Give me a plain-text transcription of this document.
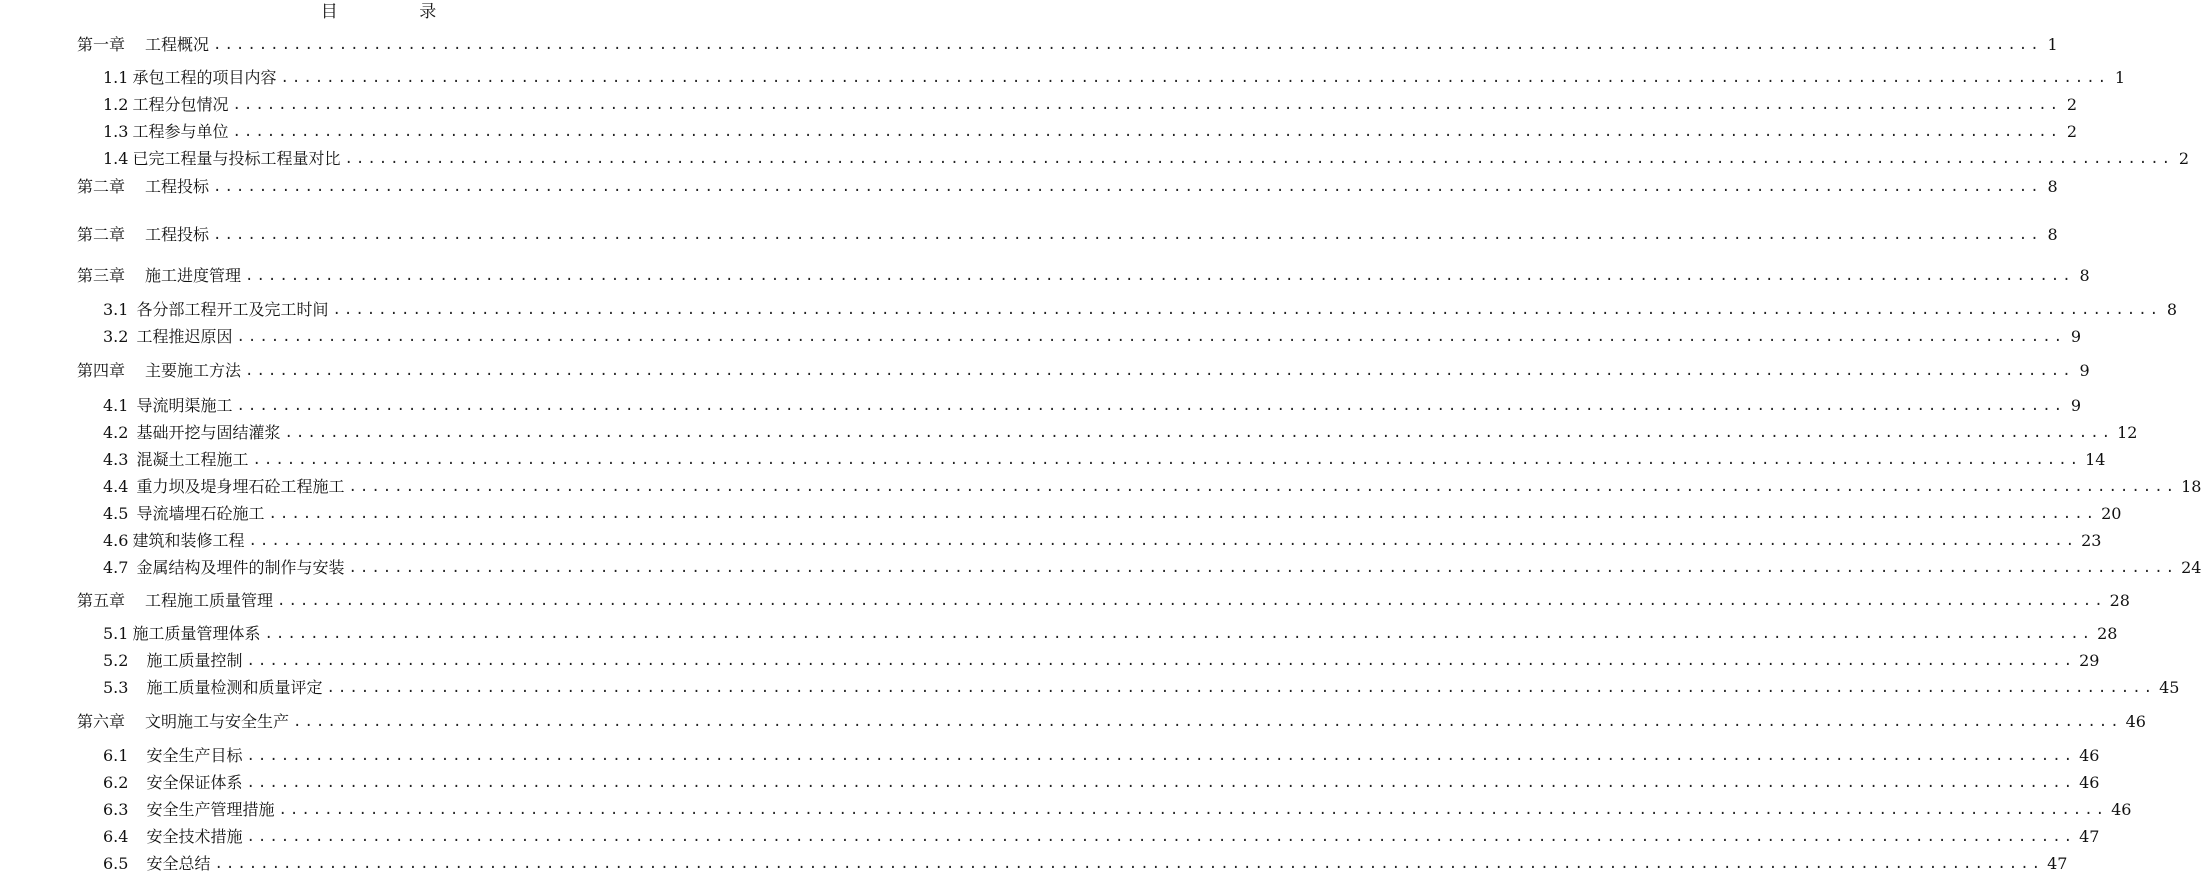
目 录
第一章 工程概况 ................................................................................................................................................................ 1
1.1 承包工程的项目内容 ................................................................................................................................................................ 1
1.2 工程分包情况 ................................................................................................................................................................ 2
1.3 工程参与单位 ................................................................................................................................................................ 2
1.4 已完工程量与投标工程量对比 ................................................................................................................................................................ 2
第二章 工程投标 ................................................................................................................................................................ 8
第二章 工程投标 ................................................................................................................................................................ 8
第三章 施工进度管理 ................................................................................................................................................................ 8
3.1 各分部工程开工及完工时间 ................................................................................................................................................................ 8
3.2 工程推迟原因 ................................................................................................................................................................ 9
第四章 主要施工方法 ................................................................................................................................................................ 9
4.1 导流明渠施工 ................................................................................................................................................................ 9
4.2 基础开挖与固结灌浆 ................................................................................................................................................................ 12
4.3 混凝土工程施工 ................................................................................................................................................................ 14
4.4 重力坝及堤身埋石砼工程施工 ................................................................................................................................................................ 18
4.5 导流墙埋石砼施工 ................................................................................................................................................................ 20
4.6 建筑和装修工程 ................................................................................................................................................................ 23
4.7 金属结构及埋件的制作与安装 ................................................................................................................................................................ 24
第五章 工程施工质量管理 ................................................................................................................................................................ 28
5.1 施工质量管理体系 ................................................................................................................................................................ 28
5.2 施工质量控制 ................................................................................................................................................................ 29
5.3 施工质量检测和质量评定 ................................................................................................................................................................ 45
第六章 文明施工与安全生产 ................................................................................................................................................................ 46
6.1 安全生产目标 ................................................................................................................................................................ 46
6.2 安全保证体系 ................................................................................................................................................................ 46
6.3 安全生产管理措施 ................................................................................................................................................................ 46
6.4 安全技术措施 ................................................................................................................................................................ 47
6.5 安全总结 ................................................................................................................................................................ 47
